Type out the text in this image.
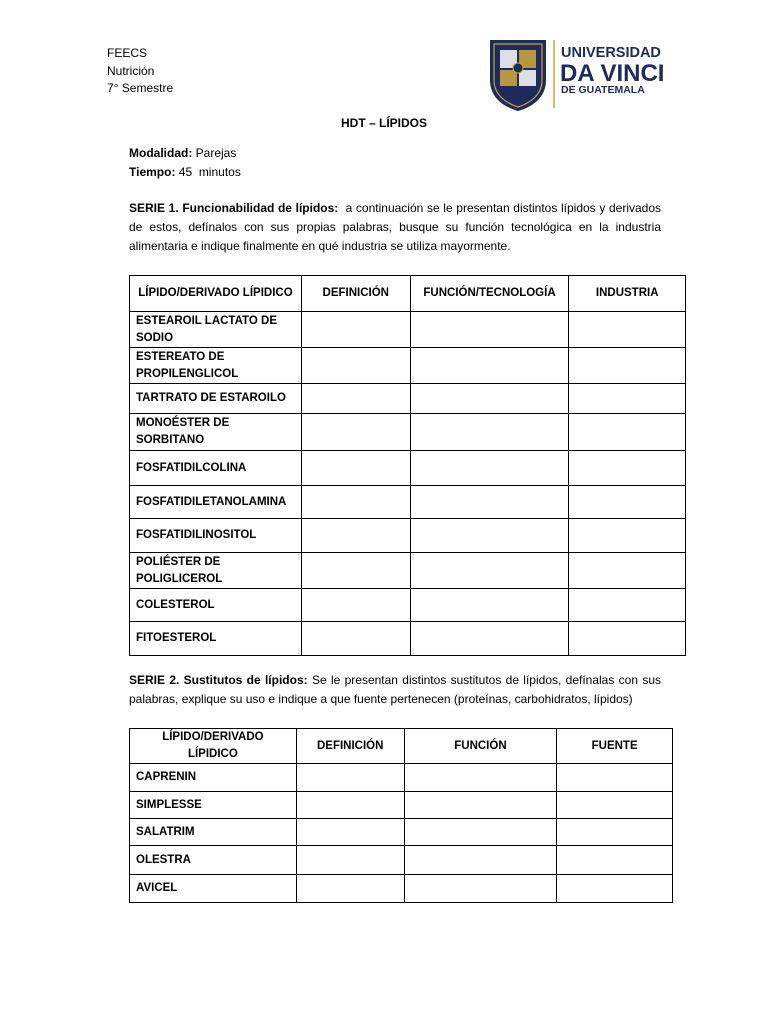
FEECS
Nutrición
7° Semestre
UNIVERSIDAD
DA VINCI
DE GUATEMALA
HDT – LÍPIDOS
Modalidad: Parejas
Tiempo: 45  minutos
SERIE 1. Funcionabilidad de lípidos: a continuación se le presentan distintos lípidos y derivados de estos, defínalos con sus propias palabras, busque su función tecnológica en la industria alimentaria e indique finalmente en qué industria se utiliza mayormente.
LÍPIDO/DERIVADO LÍPIDICO	DEFINICIÓN	FUNCIÓN/TECNOLOGÍA	INDUSTRIA
ESTEAROIL LACTATO DE SODIO			
ESTEREATO DE PROPILENGLICOL			
TARTRATO DE ESTAROILO			
MONOÉSTER DE SORBITANO			
FOSFATIDILCOLINA			
FOSFATIDILETANOLAMINA			
FOSFATIDILINOSITOL			
POLIÉSTER DE POLIGLICEROL			
COLESTEROL			
FITOESTEROL			
SERIE 2. Sustitutos de lípidos: Se le presentan distintos sustitutos de lípidos, defínalas con sus palabras, explique su uso e indique a que fuente pertenecen (proteínas, carbohidratos, lípidos)
LÍPIDO/DERIVADO LÍPIDICO	DEFINICIÓN	FUNCIÓN	FUENTE
CAPRENIN			
SIMPLESSE			
SALATRIM			
OLESTRA			
AVICEL			
